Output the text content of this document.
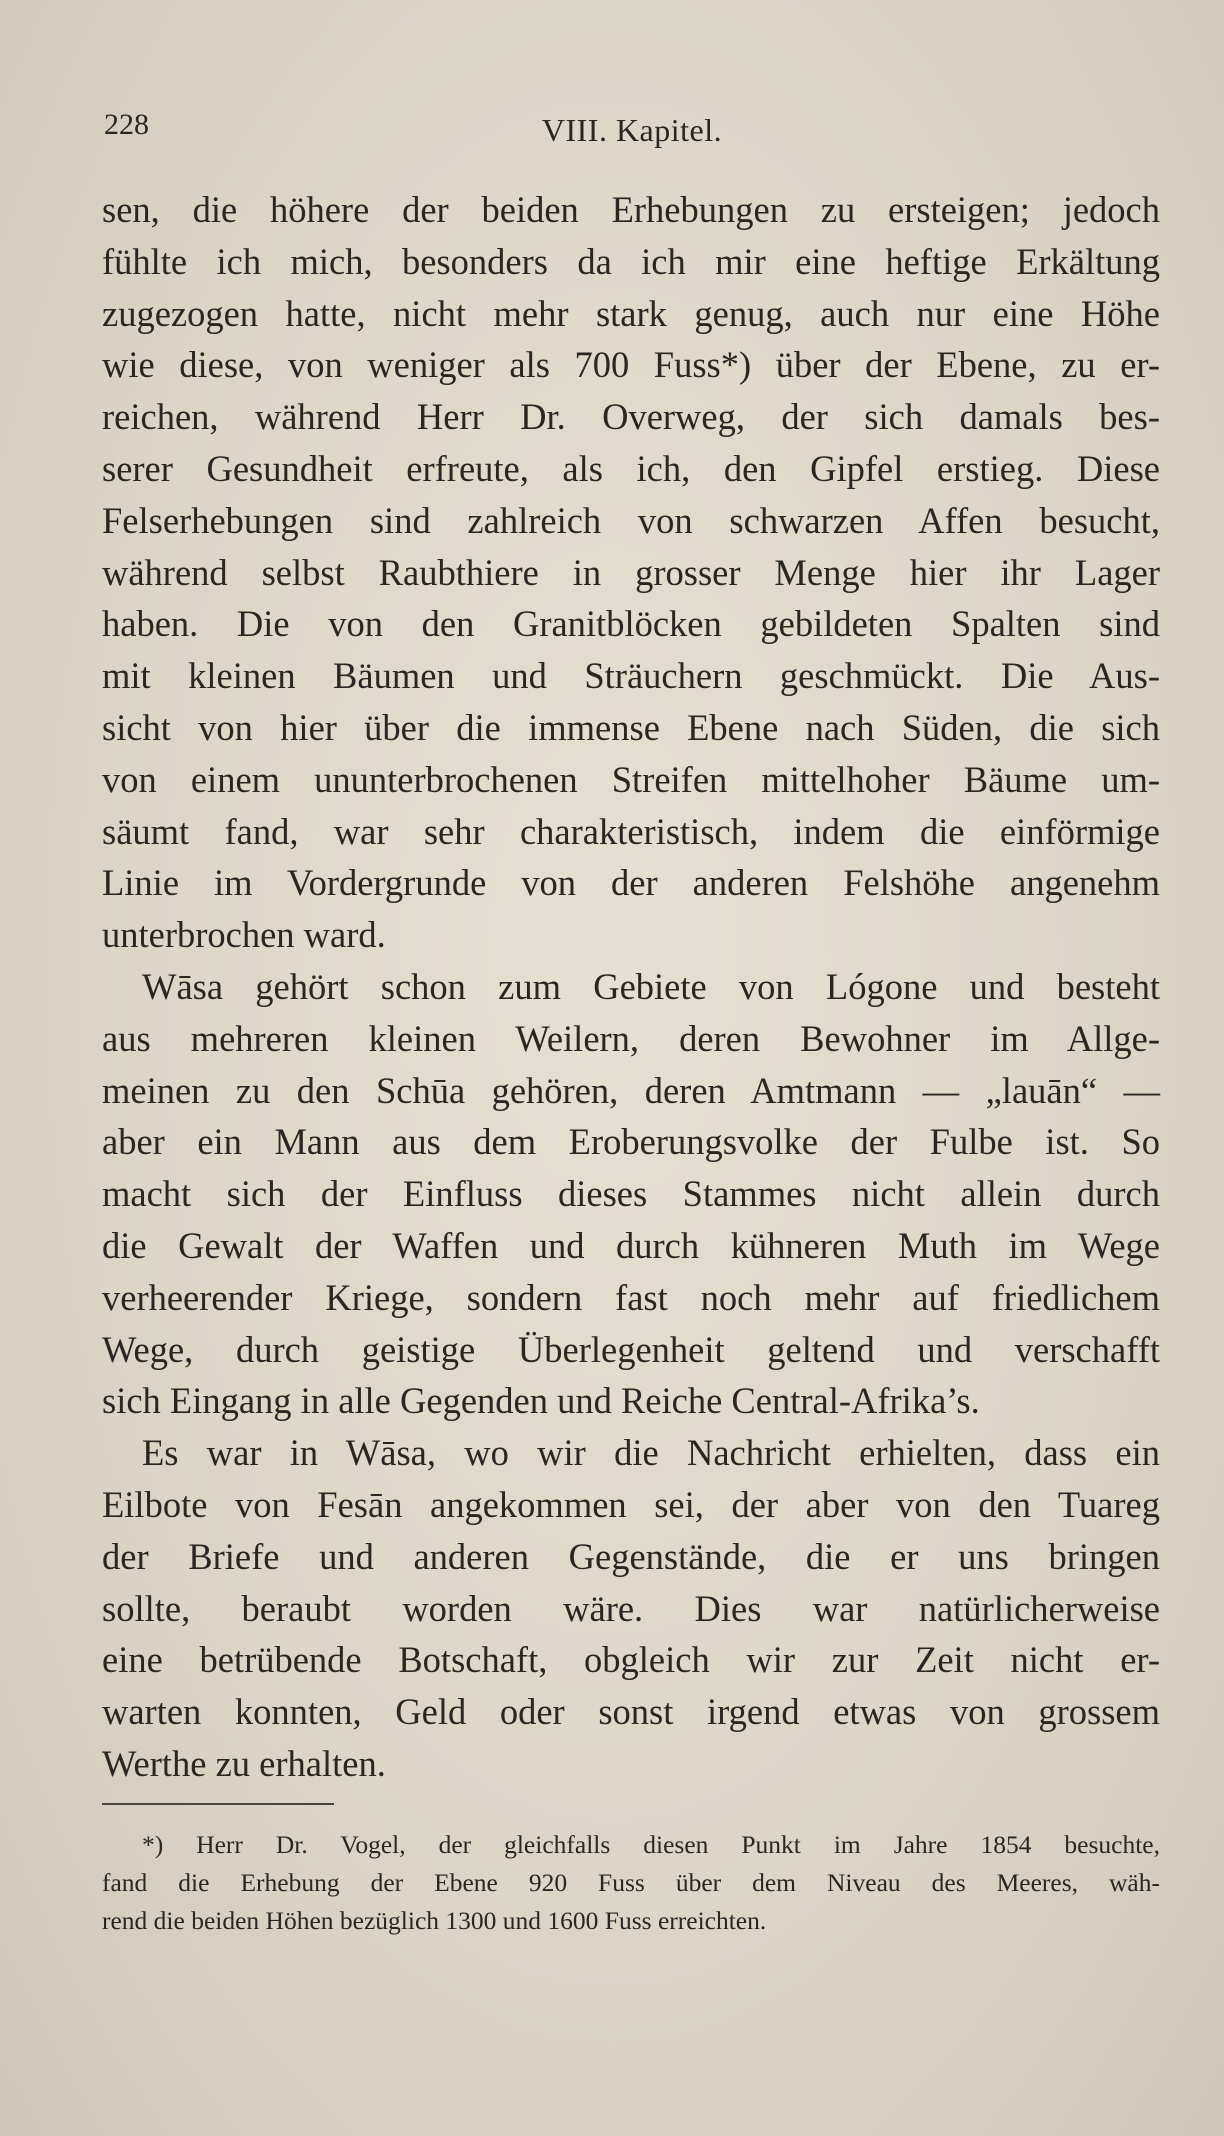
228	VIII. Kapitel.
sen, die höhere der beiden Erhebungen zu ersteigen; jedoch
fühlte ich mich, besonders da ich mir eine heftige Erkältung
zugezogen hatte, nicht mehr stark genug, auch nur eine Höhe
wie diese, von weniger als 700 Fuss*) über der Ebene, zu er-
reichen, während Herr Dr. Overweg, der sich damals bes-
serer Gesundheit erfreute, als ich, den Gipfel erstieg. Diese
Felserhebungen sind zahlreich von schwarzen Affen besucht,
während selbst Raubthiere in grosser Menge hier ihr Lager
haben. Die von den Granitblöcken gebildeten Spalten sind
mit kleinen Bäumen und Sträuchern geschmückt. Die Aus-
sicht von hier über die immense Ebene nach Süden, die sich
von einem ununterbrochenen Streifen mittelhoher Bäume um-
säumt fand, war sehr charakteristisch, indem die einförmige
Linie im Vordergrunde von der anderen Felshöhe angenehm
unterbrochen ward.
Wāsa gehört schon zum Gebiete von Lógone und besteht
aus mehreren kleinen Weilern, deren Bewohner im Allge-
meinen zu den Schūa gehören, deren Amtmann — „lauān“ —
aber ein Mann aus dem Eroberungsvolke der Fulbe ist. So
macht sich der Einfluss dieses Stammes nicht allein durch
die Gewalt der Waffen und durch kühneren Muth im Wege
verheerender Kriege, sondern fast noch mehr auf friedlichem
Wege, durch geistige Überlegenheit geltend und verschafft
sich Eingang in alle Gegenden und Reiche Central-Afrika’s.
Es war in Wāsa, wo wir die Nachricht erhielten, dass ein
Eilbote von Fesān angekommen sei, der aber von den Tuareg
der Briefe und anderen Gegenstände, die er uns bringen
sollte, beraubt worden wäre. Dies war natürlicherweise
eine betrübende Botschaft, obgleich wir zur Zeit nicht er-
warten konnten, Geld oder sonst irgend etwas von grossem
Werthe zu erhalten.
*) Herr Dr. Vogel, der gleichfalls diesen Punkt im Jahre 1854 besuchte,
fand die Erhebung der Ebene 920 Fuss über dem Niveau des Meeres, wäh-
rend die beiden Höhen bezüglich 1300 und 1600 Fuss erreichten.
